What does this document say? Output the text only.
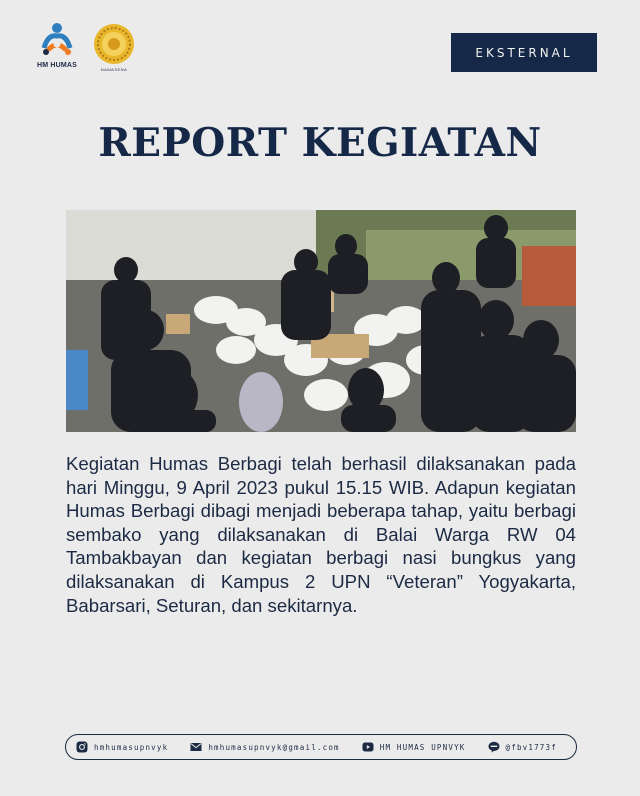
HM HUMAS
NAMASENA
EKSTERNAL
REPORT KEGIATAN

Kegiatan Humas Berbagi telah berhasil dilaksanakan pada hari Minggu, 9 April 2023 pukul 15.15 WIB. Adapun kegiatan Humas Berbagi dibagi menjadi beberapa tahap, yaitu berbagi sembako yang dilaksanakan di Balai Warga RW 04 Tambakbayan dan kegiatan berbagi nasi bungkus yang dilaksanakan di Kampus 2 UPN “Veteran” Yogyakarta, Babarsari, Seturan, dan sekitarnya.

hmhumasupnvyk	hmhumasupnvyk@gmail.com	HM HUMAS UPNVYK	@fbv1773f
